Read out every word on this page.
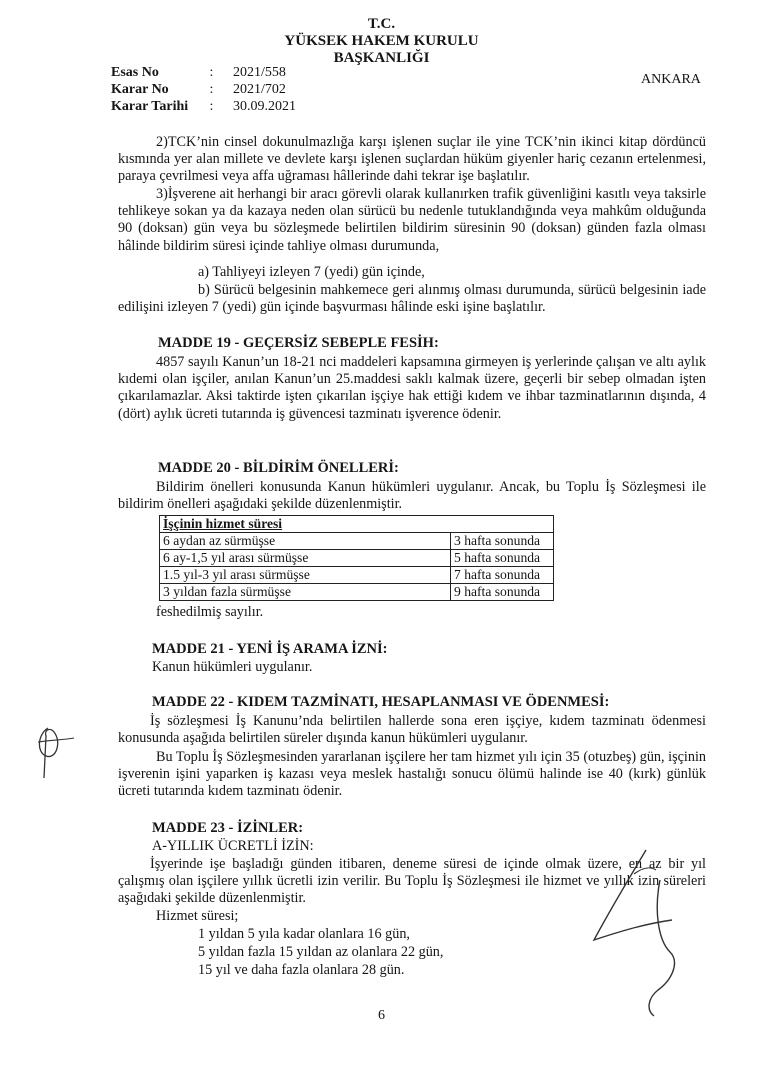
T.C.
YÜKSEK HAKEM KURULU
BAŞKANLIĞI
ANKARA
Esas No	: 2021/558
Karar No	: 2021/702
Karar Tarihi : 30.09.2021
2)TCK’nin cinsel dokunulmazlığa karşı işlenen suçlar ile yine TCK’nin ikinci kitap dördüncü kısmında yer alan millete ve devlete karşı işlenen suçlardan hüküm giyenler hariç cezanın ertelenmesi, paraya çevrilmesi veya affa uğraması hâllerinde dahi tekrar işe başlatılır.
3)İşverene ait herhangi bir aracı görevli olarak kullanırken trafik güvenliğini kasıtlı veya taksirle tehlikeye sokan ya da kazaya neden olan sürücü bu nedenle tutuklandığında veya mahkûm olduğunda 90 (doksan) gün veya bu sözleşmede belirtilen bildirim süresinin 90 (doksan) günden fazla olması hâlinde bildirim süresi içinde tahliye olması durumunda,
a) Tahliyeyi izleyen 7 (yedi) gün içinde,
b) Sürücü belgesinin mahkemece geri alınmış olması durumunda, sürücü belgesinin iade edilişini izleyen 7 (yedi) gün içinde başvurması hâlinde eski işine başlatılır.
MADDE 19 - GEÇERSİZ SEBEPLE FESİH:
4857 sayılı Kanun’un 18-21 nci maddeleri kapsamına girmeyen iş yerlerinde çalışan ve altı aylık kıdemi olan işçiler, anılan Kanun’un 25.maddesi saklı kalmak üzere, geçerli bir sebep olmadan işten çıkarılamazlar. Aksi taktirde işten çıkarılan işçiye hak ettiği kıdem ve ihbar tazminatlarının dışında, 4 (dört) aylık ücreti tutarında iş güvencesi tazminatı işverence ödenir.
MADDE 20 - BİLDİRİM ÖNELLERİ:
Bildirim önelleri konusunda Kanun hükümleri uygulanır. Ancak, bu Toplu İş Sözleşmesi ile bildirim önelleri aşağıdaki şekilde düzenlenmiştir.
İşçinin hizmet süresi	
6 aydan az sürmüşse	3 hafta sonunda
6 ay-1,5 yıl arası sürmüşse	5 hafta sonunda
1.5 yıl-3 yıl arası sürmüşse	7 hafta sonunda
3 yıldan fazla sürmüşse	9 hafta sonunda
feshedilmiş sayılır.
MADDE 21 - YENİ İŞ ARAMA İZNİ:
Kanun hükümleri uygulanır.
MADDE 22 - KIDEM TAZMİNATI, HESAPLANMASI VE ÖDENMESİ:
İş sözleşmesi İş Kanunu’nda belirtilen hallerde sona eren işçiye, kıdem tazminatı ödenmesi konusunda aşağıda belirtilen süreler dışında kanun hükümleri uygulanır.
Bu Toplu İş Sözleşmesinden yararlanan işçilere her tam hizmet yılı için 35 (otuzbeş) gün, işçinin işverenin işini yaparken iş kazası veya meslek hastalığı sonucu ölümü halinde ise 40 (kırk) günlük ücreti tutarında kıdem tazminatı ödenir.
MADDE 23 - İZİNLER:
A-YILLIK ÜCRETLİ İZİN:
İşyerinde işe başladığı günden itibaren, deneme süresi de içinde olmak üzere, en az bir yıl çalışmış olan işçilere yıllık ücretli izin verilir. Bu Toplu İş Sözleşmesi ile hizmet ve yıllık izin süreleri aşağıdaki şekilde düzenlenmiştir.
Hizmet süresi;
1 yıldan 5 yıla kadar olanlara 16 gün,
5 yıldan fazla 15 yıldan az olanlara 22 gün,
15 yıl ve daha fazla olanlara 28 gün.
6
